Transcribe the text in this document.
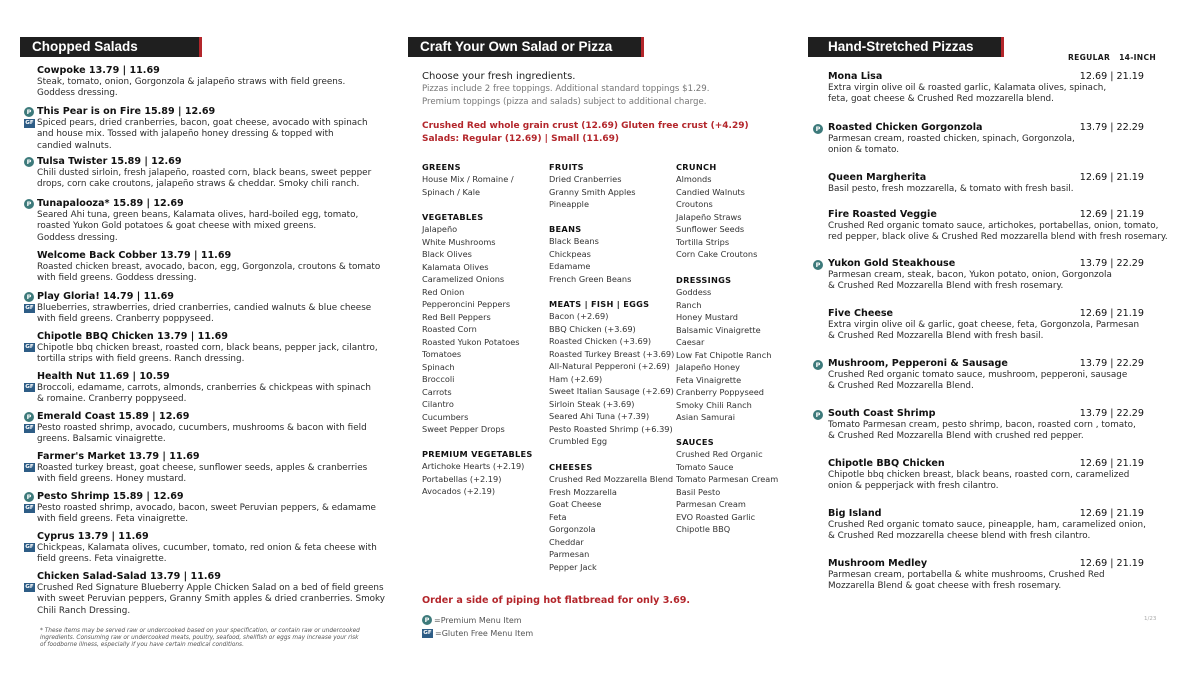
Chopped Salads
Cowpoke 13.79 | 11.69
Steak, tomato, onion, Gorgonzola & jalapeño straws with field greens.
Goddess dressing.
P
GF
This Pear is on Fire 15.89 | 12.69
Spiced pears, dried cranberries, bacon, goat cheese, avocado with spinach
and house mix. Tossed with jalapeño honey dressing & topped with
candied walnuts.
P Tulsa Twister 15.89 | 12.69
Chili dusted sirloin, fresh jalapeño, roasted corn, black beans, sweet pepper
drops, corn cake croutons, jalapeño straws & cheddar. Smoky chili ranch.
P Tunapalooza* 15.89 | 12.69
Seared Ahi tuna, green beans, Kalamata olives, hard-boiled egg, tomato,
roasted Yukon Gold potatoes & goat cheese with mixed greens.
Goddess dressing.
Welcome Back Cobber 13.79 | 11.69
Roasted chicken breast, avocado, bacon, egg, Gorgonzola, croutons & tomato
with field greens. Goddess dressing.
P
GF
Play Gloria! 14.79 | 11.69
Blueberries, strawberries, dried cranberries, candied walnuts & blue cheese
with field greens. Cranberry poppyseed.
GF
Chipotle BBQ Chicken 13.79 | 11.69
Chipotle bbq chicken breast, roasted corn, black beans, pepper jack, cilantro,
tortilla strips with field greens. Ranch dressing.
GF
Health Nut 11.69 | 10.59
Broccoli, edamame, carrots, almonds, cranberries & chickpeas with spinach
& romaine. Cranberry poppyseed.
P
GF
Emerald Coast 15.89 | 12.69
Pesto roasted shrimp, avocado, cucumbers, mushrooms & bacon with field
greens. Balsamic vinaigrette.
GF
Farmer's Market 13.79 | 11.69
Roasted turkey breast, goat cheese, sunflower seeds, apples & cranberries
with field greens. Honey mustard.
P
GF
Pesto Shrimp 15.89 | 12.69
Pesto roasted shrimp, avocado, bacon, sweet Peruvian peppers, & edamame
with field greens. Feta vinaigrette.
GF
Cyprus 13.79 | 11.69
Chickpeas, Kalamata olives, cucumber, tomato, red onion & feta cheese with
field greens. Feta vinaigrette.
GF
Chicken Salad-Salad 13.79 | 11.69
Crushed Red Signature Blueberry Apple Chicken Salad on a bed of field greens
with sweet Peruvian peppers, Granny Smith apples & dried cranberries. Smoky
Chili Ranch Dressing.
* These items may be served raw or undercooked based on your specification, or contain raw or undercooked
ingredients. Consuming raw or undercooked meats, poultry, seafood, shellfish or eggs may increase your risk
of foodborne illness, especially if you have certain medical conditions.
Craft Your Own Salad or Pizza
Choose your fresh ingredients.
Pizzas include 2 free toppings. Additional standard toppings $1.29.
Premium toppings (pizza and salads) subject to additional charge.
Crushed Red whole grain crust (12.69) Gluten free crust (+4.29)
Salads: Regular (12.69) | Small (11.69)
GREENS
House Mix / Romaine /
Spinach / Kale
VEGETABLES
Jalapeño
White Mushrooms
Black Olives
Kalamata Olives
Caramelized Onions
Red Onion
Pepperoncini Peppers
Red Bell Peppers
Roasted Corn
Roasted Yukon Potatoes
Tomatoes
Spinach
Broccoli
Carrots
Cilantro
Cucumbers
Sweet Pepper Drops
PREMIUM VEGETABLES
Artichoke Hearts (+2.19)
Portabellas (+2.19)
Avocados (+2.19)
FRUITS
Dried Cranberries
Granny Smith Apples
Pineapple
BEANS
Black Beans
Chickpeas
Edamame
French Green Beans
MEATS | FISH | EGGS
Bacon (+2.69)
BBQ Chicken (+3.69)
Roasted Chicken (+3.69)
Roasted Turkey Breast (+3.69)
All-Natural Pepperoni (+2.69)
Ham (+2.69)
Sweet Italian Sausage (+2.69)
Sirloin Steak (+3.69)
Seared Ahi Tuna (+7.39)
Pesto Roasted Shrimp (+6.39)
Crumbled Egg
CHEESES
Crushed Red Mozzarella Blend
Fresh Mozzarella
Goat Cheese
Feta
Gorgonzola
Cheddar
Parmesan
Pepper Jack
CRUNCH
Almonds
Candied Walnuts
Croutons
Jalapeño Straws
Sunflower Seeds
Tortilla Strips
Corn Cake Croutons
DRESSINGS
Goddess
Ranch
Honey Mustard
Balsamic Vinaigrette
Caesar
Low Fat Chipotle Ranch
Jalapeño Honey
Feta Vinaigrette
Cranberry Poppyseed
Smoky Chili Ranch
Asian Samurai
SAUCES
Crushed Red Organic
Tomato Sauce
Tomato Parmesan Cream
Basil Pesto
Parmesan Cream
EVO Roasted Garlic
Chipotle BBQ
Order a side of piping hot flatbread for only 3.69.
P =Premium Menu Item
GF =Gluten Free Menu Item
Hand-Stretched Pizzas
REGULAR 14-INCH
Mona Lisa	12.69 | 21.19
Extra virgin olive oil & roasted garlic, Kalamata olives, spinach,
feta, goat cheese & Crushed Red mozzarella blend.
P Roasted Chicken Gorgonzola	13.79 | 22.29
Parmesan cream, roasted chicken, spinach, Gorgonzola,
onion & tomato.
Queen Margherita	12.69 | 21.19
Basil pesto, fresh mozzarella, & tomato with fresh basil.
Fire Roasted Veggie	12.69 | 21.19
Crushed Red organic tomato sauce, artichokes, portabellas, onion, tomato,
red pepper, black olive & Crushed Red mozzarella blend with fresh rosemary.
P Yukon Gold Steakhouse	13.79 | 22.29
Parmesan cream, steak, bacon, Yukon potato, onion, Gorgonzola
& Crushed Red Mozzarella Blend with fresh rosemary.
Five Cheese	12.69 | 21.19
Extra virgin olive oil & garlic, goat cheese, feta, Gorgonzola, Parmesan
& Crushed Red Mozzarella Blend with fresh basil.
P Mushroom, Pepperoni & Sausage	13.79 | 22.29
Crushed Red organic tomato sauce, mushroom, pepperoni, sausage
& Crushed Red Mozzarella Blend.
P South Coast Shrimp	13.79 | 22.29
Tomato Parmesan cream, pesto shrimp, bacon, roasted corn , tomato,
& Crushed Red Mozzarella Blend with crushed red pepper.
Chipotle BBQ Chicken	12.69 | 21.19
Chipotle bbq chicken breast, black beans, roasted corn, caramelized
onion & pepperjack with fresh cilantro.
Big Island	12.69 | 21.19
Crushed Red organic tomato sauce, pineapple, ham, caramelized onion,
& Crushed Red mozzarella cheese blend with fresh cilantro.
Mushroom Medley	12.69 | 21.19
Parmesan cream, portabella & white mushrooms, Crushed Red
Mozzarella Blend & goat cheese with fresh rosemary.
1/23
